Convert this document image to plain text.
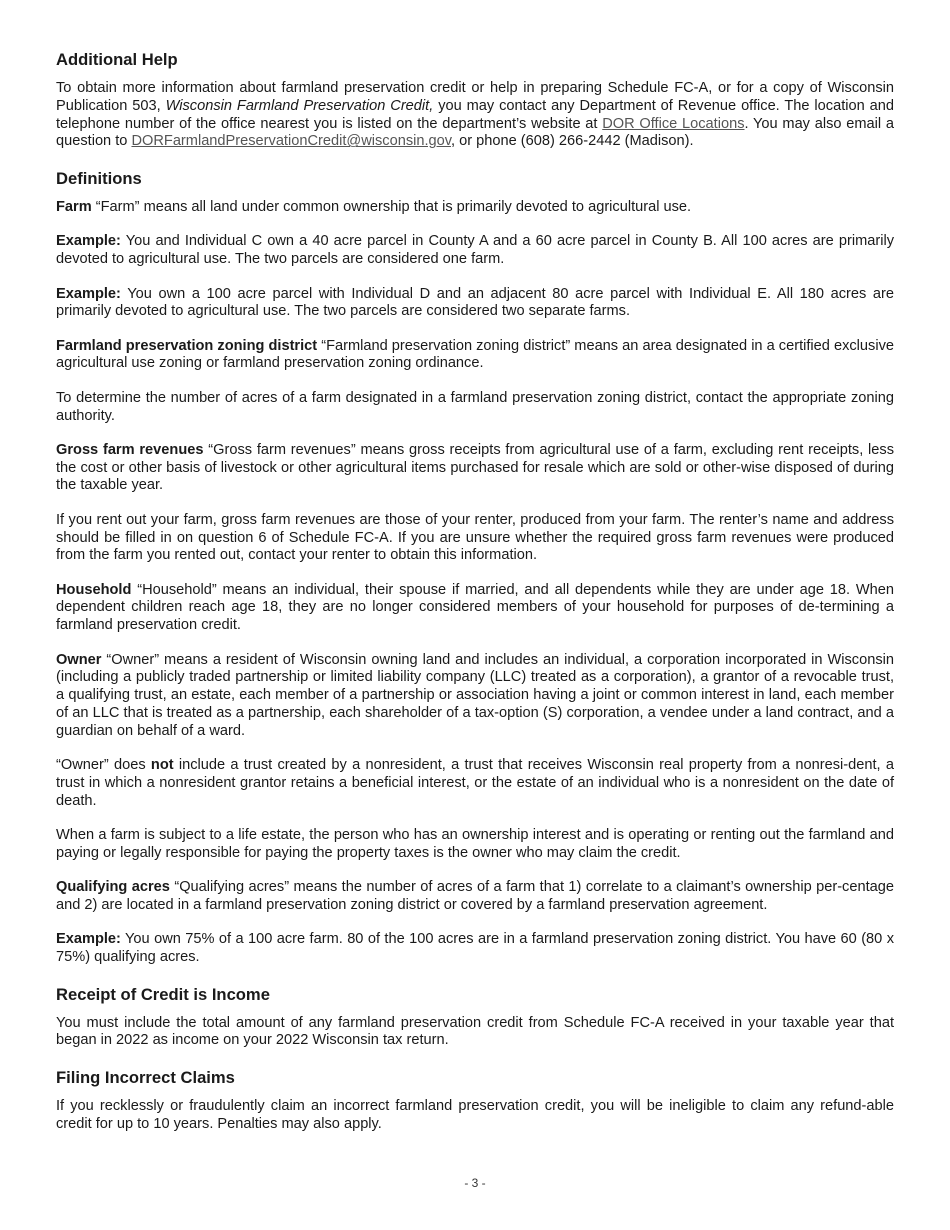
Additional Help

To obtain more information about farmland preservation credit or help in preparing Schedule FC-A, or for a copy of Wisconsin Publication 503, Wisconsin Farmland Preservation Credit, you may contact any Department of Revenue office. The location and telephone number of the office nearest you is listed on the department’s website at DOR Office Locations. You may also email a question to DORFarmlandPreservationCredit@wisconsin.gov, or phone (608) 266-2442 (Madison).

Definitions

Farm “Farm” means all land under common ownership that is primarily devoted to agricultural use.

Example: You and Individual C own a 40 acre parcel in County A and a 60 acre parcel in County B. All 100 acres are primarily devoted to agricultural use. The two parcels are considered one farm.

Example: You own a 100 acre parcel with Individual D and an adjacent 80 acre parcel with Individual E. All 180 acres are primarily devoted to agricultural use. The two parcels are considered two separate farms.

Farmland preservation zoning district “Farmland preservation zoning district” means an area designated in a certified exclusive agricultural use zoning or farmland preservation zoning ordinance.

To determine the number of acres of a farm designated in a farmland preservation zoning district, contact the appropriate zoning authority.

Gross farm revenues “Gross farm revenues” means gross receipts from agricultural use of a farm, excluding rent receipts, less the cost or other basis of livestock or other agricultural items purchased for resale which are sold or other-wise disposed of during the taxable year.

If you rent out your farm, gross farm revenues are those of your renter, produced from your farm. The renter’s name and address should be filled in on question 6 of Schedule FC-A. If you are unsure whether the required gross farm revenues were produced from the farm you rented out, contact your renter to obtain this information.

Household “Household” means an individual, their spouse if married, and all dependents while they are under age 18. When dependent children reach age 18, they are no longer considered members of your household for purposes of de-termining a farmland preservation credit.

Owner “Owner” means a resident of Wisconsin owning land and includes an individual, a corporation incorporated in Wisconsin (including a publicly traded partnership or limited liability company (LLC) treated as a corporation), a grantor of a revocable trust, a qualifying trust, an estate, each member of a partnership or association having a joint or common interest in land, each member of an LLC that is treated as a partnership, each shareholder of a tax-option (S) corporation, a vendee under a land contract, and a guardian on behalf of a ward.

“Owner” does not include a trust created by a nonresident, a trust that receives Wisconsin real property from a nonresi-dent, a trust in which a nonresident grantor retains a beneficial interest, or the estate of an individual who is a nonresident on the date of death.

When a farm is subject to a life estate, the person who has an ownership interest and is operating or renting out the farmland and paying or legally responsible for paying the property taxes is the owner who may claim the credit.

Qualifying acres “Qualifying acres” means the number of acres of a farm that 1) correlate to a claimant’s ownership per-centage and 2) are located in a farmland preservation zoning district or covered by a farmland preservation agreement.

Example: You own 75% of a 100 acre farm. 80 of the 100 acres are in a farmland preservation zoning district. You have 60 (80 x 75%) qualifying acres.

Receipt of Credit is Income

You must include the total amount of any farmland preservation credit from Schedule FC-A received in your taxable year that began in 2022 as income on your 2022 Wisconsin tax return.

Filing Incorrect Claims

If you recklessly or fraudulently claim an incorrect farmland preservation credit, you will be ineligible to claim any refund-able credit for up to 10 years. Penalties may also apply.

- 3 -
